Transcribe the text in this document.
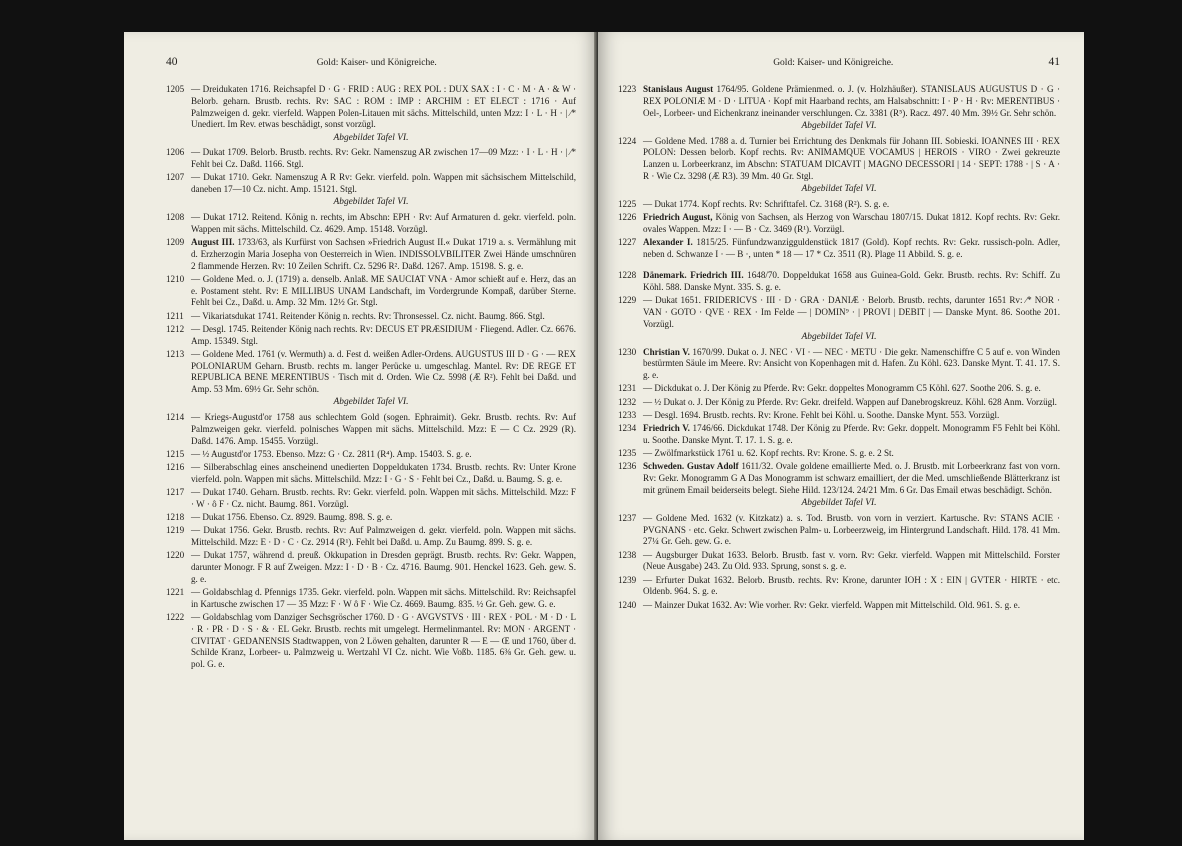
40	Gold: Kaiser- und Königreiche.
1205 — Dreidukaten 1716. Reichsapfel D · G · FRID : AUG : REX POL : DUX SAX : I · C · M · A · & W · Belorb. geharn. Brustb. rechts. Rv: SAC : ROM : IMP : ARCHIM : ET ELECT : 1716 · Auf Palmzweigen d. gekr. vierfeld. Wappen Polen-Litauen mit sächs. Mittelschild, unten Mzz: I · L · H · | ⁄* Unediert. Im Rev. etwas beschädigt, sonst vorzügl.
Abgebildet Tafel VI.
1206 — Dukat 1709. Belorb. Brustb. rechts. Rv: Gekr. Namenszug AR zwischen 17—09 Mzz: · I · L · H · | ⁄* Fehlt bei Cz. Daßd. 1166. Stgl.
1207 — Dukat 1710. Gekr. Namenszug A R Rv: Gekr. vierfeld. poln. Wappen mit sächsischem Mittelschild, daneben 17—10 Cz. nicht. Amp. 15121. Stgl.
Abgebildet Tafel VI.
1208 — Dukat 1712. Reitend. König n. rechts, im Abschn: EPH · Rv: Auf Armaturen d. gekr. vierfeld. poln. Wappen mit sächs. Mittelschild. Cz. 4629. Amp. 15148. Vorzügl.
1209 August III. 1733/63, als Kurfürst von Sachsen »Friedrich August II.« Dukat 1719 a. s. Vermählung mit d. Erzherzogin Maria Josepha von Oesterreich in Wien. INDISSOLVBILITER Zwei Hände umschnüren 2 flammende Herzen. Rv: 10 Zeilen Schrift. Cz. 5296 R². Daßd. 1267. Amp. 15198. S. g. e.
1210 — Goldene Med. o. J. (1719) a. denselb. Anlaß. ME SAUCIAT VNA · Amor schießt auf e. Herz, das an e. Postament steht. Rv: E MILLIBUS UNAM Landschaft, im Vordergrunde Kompaß, darüber Sterne. Fehlt bei Cz., Daßd. u. Amp. 32 Mm. 12½ Gr. Stgl.
1211 — Vikariatsdukat 1741. Reitender König n. rechts. Rv: Thronsessel. Cz. nicht. Baumg. 866. Stgl.
1212 — Desgl. 1745. Reitender König nach rechts. Rv: DECUS ET PRÆSIDIUM · Fliegend. Adler. Cz. 6676. Amp. 15349. Stgl.
1213 — Goldene Med. 1761 (v. Wermuth) a. d. Fest d. weißen Adler-Ordens. AUGUSTUS III D · G · — REX POLONIARUM Geharn. Brustb. rechts m. langer Perücke u. umgeschlag. Mantel. Rv: DE REGE ET REPUBLICA BENE MERENTIBUS · Tisch mit d. Orden. Wie Cz. 5998 (Æ R²). Fehlt bei Daßd. und Amp. 53 Mm. 69½ Gr. Sehr schön.
Abgebildet Tafel VI.
1214 — Kriegs-Augustd'or 1758 aus schlechtem Gold (sogen. Ephraimit). Gekr. Brustb. rechts. Rv: Auf Palmzweigen gekr. vierfeld. polnisches Wappen mit sächs. Mittelschild. Mzz: E — C Cz. 2929 (R). Daßd. 1476. Amp. 15455. Vorzügl.
1215 — ½ Augustd'or 1753. Ebenso. Mzz: G · Cz. 2811 (R⁴). Amp. 15403. S. g. e.
1216 — Silberabschlag eines anscheinend unedierten Doppeldukaten 1734. Brustb. rechts. Rv: Unter Krone vierfeld. poln. Wappen mit sächs. Mittelschild. Mzz: I · G · S · Fehlt bei Cz., Daßd. u. Baumg. S. g. e.
1217 — Dukat 1740. Geharn. Brustb. rechts. Rv: Gekr. vierfeld. poln. Wappen mit sächs. Mittelschild. Mzz: F · W · ô F · Cz. nicht. Baumg. 861. Vorzügl.
1218 — Dukat 1756. Ebenso. Cz. 8929. Baumg. 898. S. g. e.
1219 — Dukat 1756. Gekr. Brustb. rechts. Rv: Auf Palmzweigen d. gekr. vierfeld. poln. Wappen mit sächs. Mittelschild. Mzz: E · D · C · Cz. 2914 (R¹). Fehlt bei Daßd. u. Amp. Zu Baumg. 899. S. g. e.
1220 — Dukat 1757, während d. preuß. Okkupation in Dresden geprägt. Brustb. rechts. Rv: Gekr. Wappen, darunter Monogr. F R auf Zweigen. Mzz: I · D · B · Cz. 4716. Baumg. 901. Henckel 1623. Geh. gew. S. g. e.
1221 — Goldabschlag d. Pfennigs 1735. Gekr. vierfeld. poln. Wappen mit sächs. Mittelschild. Rv: Reichsapfel in Kartusche zwischen 17 — 35 Mzz: F · W ô F · Wie Cz. 4669. Baumg. 835. ½ Gr. Geh. gew. G. e.
1222 — Goldabschlag vom Danziger Sechsgröscher 1760. D · G · AVGVSTVS · III · REX · POL · M · D · L · R · PR · D · S · & · EL Gekr. Brustb. rechts mit umgelegt. Hermelinmantel. Rv: MON · ARGENT · CIVITAT · GEDANENSIS Stadtwappen, von 2 Löwen gehalten, darunter R — E — Œ und 1760, über d. Schilde Kranz, Lorbeer- u. Palmzweig u. Wertzahl VI Cz. nicht. Wie Voßb. 1185. 6⅜ Gr. Geh. gew. u. pol. G. e.
Gold: Kaiser- und Königreiche.	41
1223 Stanislaus August 1764/95. Goldene Prämienmed. o. J. (v. Holzhäußer). STANISLAUS AUGUSTUS D · G · REX POLONIÆ M · D · LITUA · Kopf mit Haarband rechts, am Halsabschnitt: I · P · H · Rv: MERENTIBUS · Oel-, Lorbeer- und Eichenkranz ineinander verschlungen. Cz. 3381 (R⁵). Racz. 497. 40 Mm. 39½ Gr. Sehr schön.
Abgebildet Tafel VI.
1224 — Goldene Med. 1788 a. d. Turnier bei Errichtung des Denkmals für Johann III. Sobieski. IOANNES III · REX POLON: Dessen belorb. Kopf rechts. Rv: ANIMAMQUE VOCAMUS | HEROIS · VIRO · Zwei gekreuzte Lanzen u. Lorbeerkranz, im Abschn: STATUAM DICAVIT | MAGNO DECESSORI | 14 · SEPT: 1788 · | S · A · R · Wie Cz. 3298 (Æ R3). 39 Mm. 40 Gr. Stgl.
Abgebildet Tafel VI.
1225 — Dukat 1774. Kopf rechts. Rv: Schrifttafel. Cz. 3168 (R²). S. g. e.
1226 Friedrich August, König von Sachsen, als Herzog von Warschau 1807/15. Dukat 1812. Kopf rechts. Rv: Gekr. ovales Wappen. Mzz: I · — B · Cz. 3469 (R¹). Vorzügl.
1227 Alexander I. 1815/25. Fünfundzwanzigguldenstück 1817 (Gold). Kopf rechts. Rv: Gekr. russisch-poln. Adler, neben d. Schwanze I · — B ·, unten * 18 — 17 * Cz. 3511 (R). Plage 11 Abbild. S. g. e.
1228 Dänemark. Friedrich III. 1648/70. Doppeldukat 1658 aus Guinea-Gold. Gekr. Brustb. rechts. Rv: Schiff. Zu Köhl. 588. Danske Mynt. 335. S. g. e.
1229 — Dukat 1651. FRIDERICVS · III · D · GRA · DANIÆ · Belorb. Brustb. rechts, darunter 1651 Rv: ⁄* NOR · VAN · GOTO · QVE · REX · Im Felde — | DOMIN⁹ · | PROVI | DEBIT | — Danske Mynt. 86. Soothe 201. Vorzügl.
Abgebildet Tafel VI.
1230 Christian V. 1670/99. Dukat o. J. NEC · VI · — NEC · METU · Die gekr. Namenschiffre C 5 auf e. von Winden bestürmten Säule im Meere. Rv: Ansicht von Kopenhagen mit d. Hafen. Zu Köhl. 623. Danske Mynt. T. 41. 17. S. g. e.
1231 — Dickdukat o. J. Der König zu Pferde. Rv: Gekr. doppeltes Monogramm C5 Köhl. 627. Soothe 206. S. g. e.
1232 — ½ Dukat o. J. Der König zu Pferde. Rv: Gekr. dreifeld. Wappen auf Danebrogskreuz. Köhl. 628 Anm. Vorzügl.
1233 — Desgl. 1694. Brustb. rechts. Rv: Krone. Fehlt bei Köhl. u. Soothe. Danske Mynt. 553. Vorzügl.
1234 Friedrich V. 1746/66. Dickdukat 1748. Der König zu Pferde. Rv: Gekr. doppelt. Monogramm F5 Fehlt bei Köhl. u. Soothe. Danske Mynt. T. 17. 1. S. g. e.
1235 — Zwölfmarkstück 1761 u. 62. Kopf rechts. Rv: Krone. S. g. e. 2 St.
1236 Schweden. Gustav Adolf 1611/32. Ovale goldene emaillierte Med. o. J. Brustb. mit Lorbeerkranz fast von vorn. Rv: Gekr. Monogramm G A Das Monogramm ist schwarz emailliert, der die Med. umschließende Blätterkranz ist mit grünem Email beiderseits belegt. Siehe Hild. 123/124. 24/21 Mm. 6 Gr. Das Email etwas beschädigt. Schön.
Abgebildet Tafel VI.
1237 — Goldene Med. 1632 (v. Kitzkatz) a. s. Tod. Brustb. von vorn in verziert. Kartusche. Rv: STANS ACIE · PVGNANS · etc. Gekr. Schwert zwischen Palm- u. Lorbeerzweig, im Hintergrund Landschaft. Hild. 178. 41 Mm. 27¼ Gr. Geh. gew. G. e.
1238 — Augsburger Dukat 1633. Belorb. Brustb. fast v. vorn. Rv: Gekr. vierfeld. Wappen mit Mittelschild. Forster (Neue Ausgabe) 243. Zu Old. 933. Sprung, sonst s. g. e.
1239 — Erfurter Dukat 1632. Belorb. Brustb. rechts. Rv: Krone, darunter IOH : X : EIN | GVTER · HIRTE · etc. Oldenb. 964. S. g. e.
1240 — Mainzer Dukat 1632. Av: Wie vorher. Rv: Gekr. vierfeld. Wappen mit Mittelschild. Old. 961. S. g. e.
